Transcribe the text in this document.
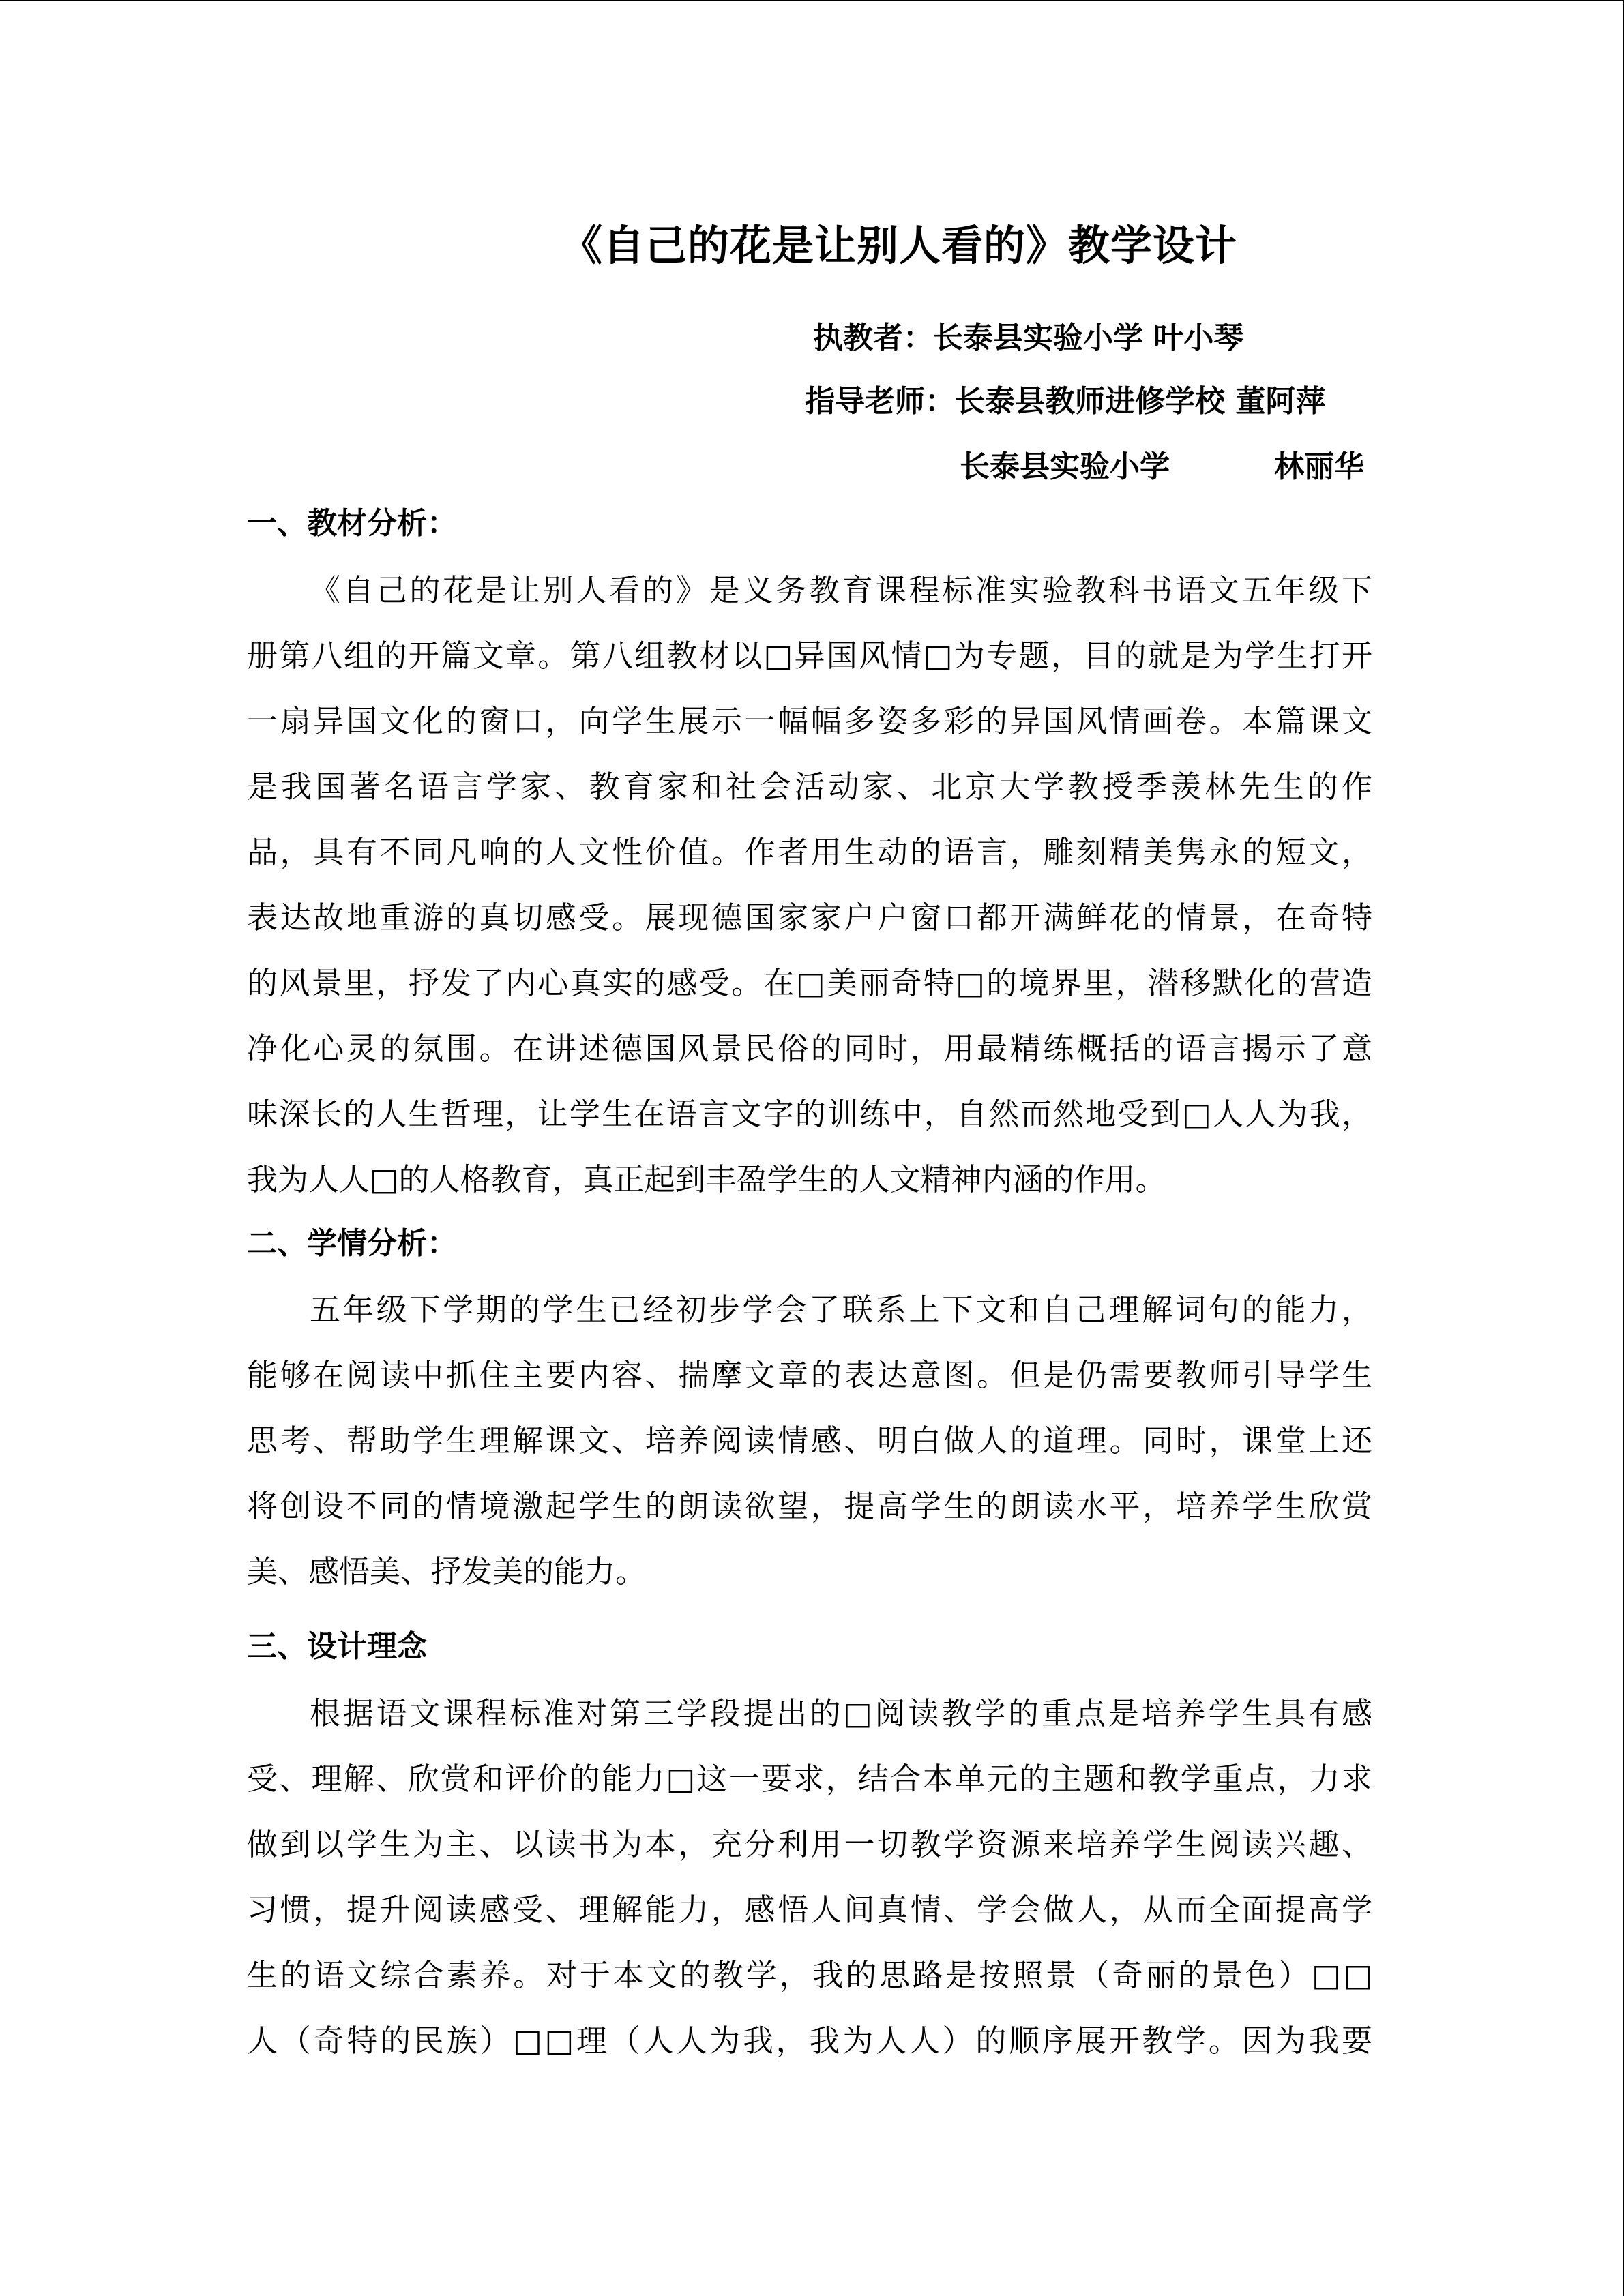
《自己的花是让别人看的》教学设计
执教者：长泰县实验小学 叶小琴
指导老师：长泰县教师进修学校 董阿萍
长泰县实验小学          林丽华
一、教材分析：
《自己的花是让别人看的》是义务教育课程标准实验教科书语文五年级下
册第八组的开篇文章。第八组教材以□异国风情□为专题，目的就是为学生打开
一扇异国文化的窗口，向学生展示一幅幅多姿多彩的异国风情画卷。本篇课文
是我国著名语言学家、教育家和社会活动家、北京大学教授季羡林先生的作
品，具有不同凡响的人文性价值。作者用生动的语言，雕刻精美隽永的短文，
表达故地重游的真切感受。展现德国家家户户窗口都开满鲜花的情景，在奇特
的风景里，抒发了内心真实的感受。在□美丽奇特□的境界里，潜移默化的营造
净化心灵的氛围。在讲述德国风景民俗的同时，用最精练概括的语言揭示了意
味深长的人生哲理，让学生在语言文字的训练中，自然而然地受到□人人为我，
我为人人□的人格教育，真正起到丰盈学生的人文精神内涵的作用。
二、学情分析：
五年级下学期的学生已经初步学会了联系上下文和自己理解词句的能力，
能够在阅读中抓住主要内容、揣摩文章的表达意图。但是仍需要教师引导学生
思考、帮助学生理解课文、培养阅读情感、明白做人的道理。同时，课堂上还
将创设不同的情境激起学生的朗读欲望，提高学生的朗读水平，培养学生欣赏
美、感悟美、抒发美的能力。
三、设计理念
根据语文课程标准对第三学段提出的□阅读教学的重点是培养学生具有感
受、理解、欣赏和评价的能力□这一要求，结合本单元的主题和教学重点，力求
做到以学生为主、以读书为本，充分利用一切教学资源来培养学生阅读兴趣、
习惯，提升阅读感受、理解能力，感悟人间真情、学会做人，从而全面提高学
生的语文综合素养。对于本文的教学，我的思路是按照景（奇丽的景色）□□
人（奇特的民族）□□理（人人为我，我为人人）的顺序展开教学。因为我要
